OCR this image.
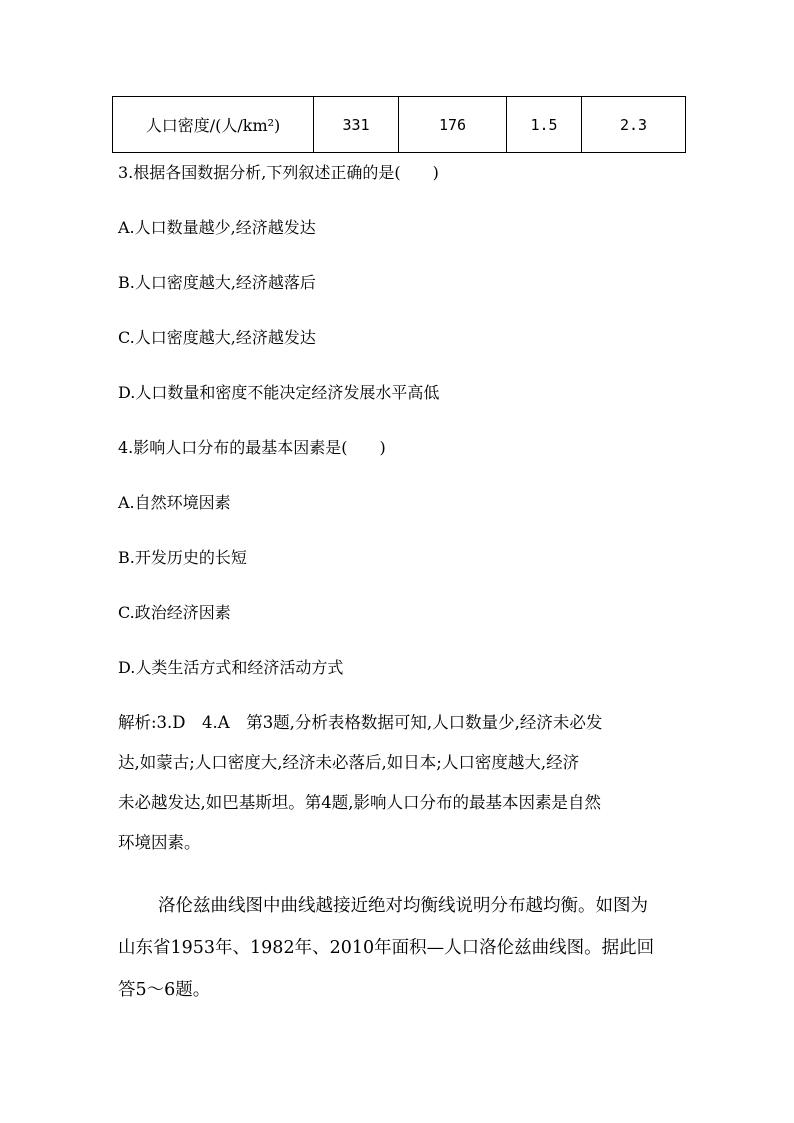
人口密度/(人/km²)	331	176	1.5	2.3
3.根据各国数据分析,下列叙述正确的是(　　)
A.人口数量越少,经济越发达
B.人口密度越大,经济越落后
C.人口密度越大,经济越发达
D.人口数量和密度不能决定经济发展水平高低
4.影响人口分布的最基本因素是(　　)
A.自然环境因素
B.开发历史的长短
C.政治经济因素
D.人类生活方式和经济活动方式
解析:3.D　4.A　第3题,分析表格数据可知,人口数量少,经济未必发
达,如蒙古;人口密度大,经济未必落后,如日本;人口密度越大,经济
未必越发达,如巴基斯坦。第4题,影响人口分布的最基本因素是自然
环境因素。
洛伦兹曲线图中曲线越接近绝对均衡线说明分布越均衡。如图为
山东省1953年、1982年、2010年面积—人口洛伦兹曲线图。据此回
答5～6题。
